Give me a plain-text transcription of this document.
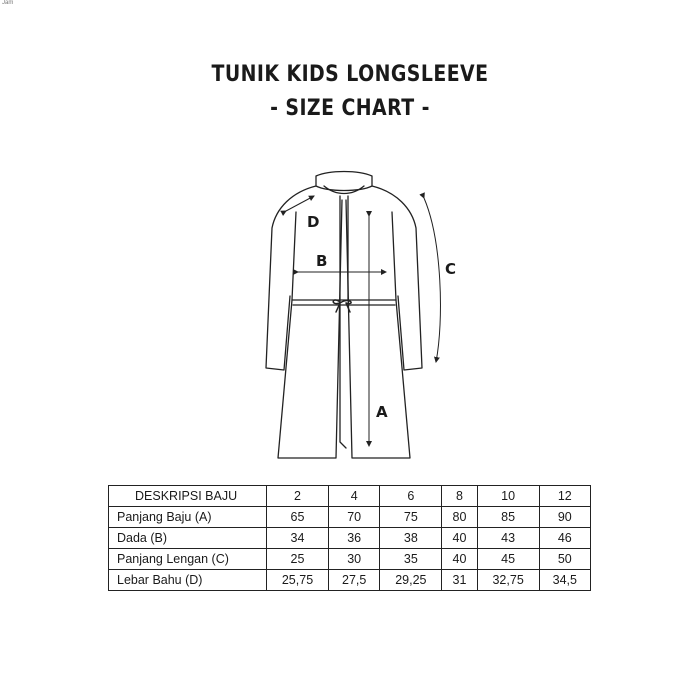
Jam
TUNIK KIDS LONGSLEEVE
- SIZE CHART -
D
B	C
A
DESKRIPSI BAJU	2	4	6	8	10	12
Panjang Baju (A)	65	70	75	80	85	90
Dada (B)	34	36	38	40	43	46
Panjang Lengan (C)	25	30	35	40	45	50
Lebar Bahu (D)	25,75	27,5	29,25	31	32,75	34,5
